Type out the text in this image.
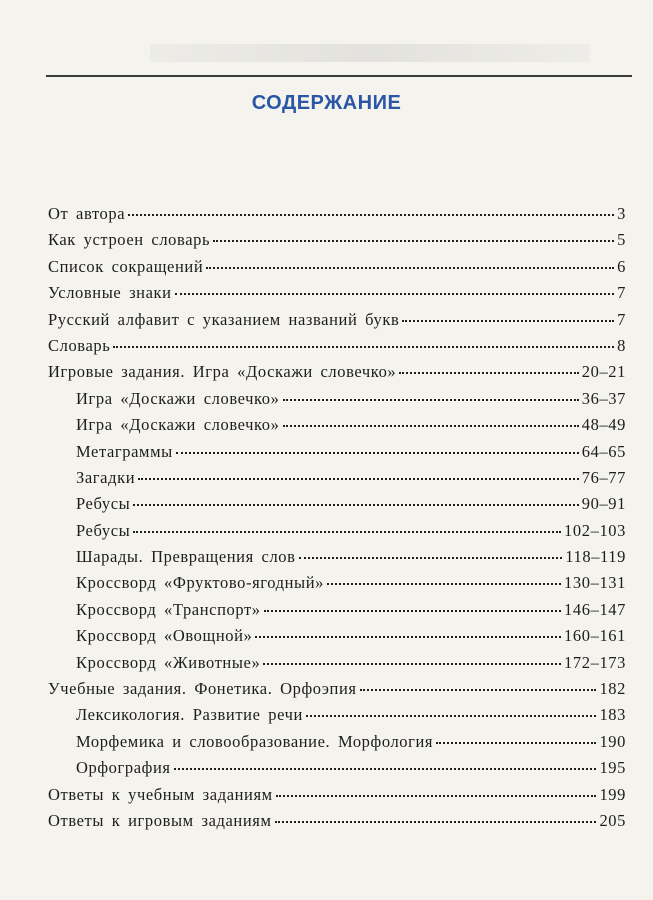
СОДЕРЖАНИЕ
От автора	3
Как устроен словарь	5
Список сокращений	6
Условные знаки	7
Русский алфавит с указанием названий букв	7
Словарь	8
Игровые задания. Игра «Доскажи словечко»	20–21
Игра «Доскажи словечко»	36–37
Игра «Доскажи словечко»	48–49
Метаграммы	64–65
Загадки	76–77
Ребусы	90–91
Ребусы	102–103
Шарады. Превращения слов	118–119
Кроссворд «Фруктово-ягодный»	130–131
Кроссворд «Транспорт»	146–147
Кроссворд «Овощной»	160–161
Кроссворд «Животные»	172–173
Учебные задания. Фонетика. Орфоэпия	182
Лексикология. Развитие речи	183
Морфемика и словообразование. Морфология	190
Орфография	195
Ответы к учебным заданиям	199
Ответы к игровым заданиям	205
